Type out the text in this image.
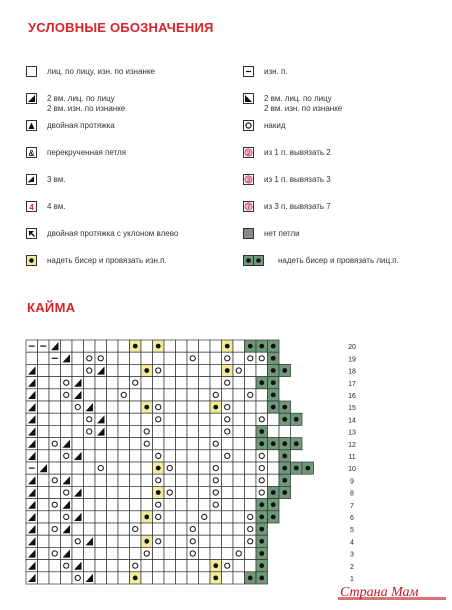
УСЛОВНЫЕ ОБОЗНАЧЕНИЯ
лиц. по лицу, изн. по изнанке
2 вм. лиц. по лицу
2 вм. изн. по изнанке
двойная протяжка
& перекрученная петля
3 вм.
4 4 вм.
двойная протяжка с уклоном влево
надеть бисер и провязать изн.п.
изн. п.
2 вм. лиц. по лицу
2 вм. изн. по изнанке
накид
2 из 1 п. вывязать 2
3 из 1 п. вывязать 3
7 из 3 п. вывязать 7
нет петли
надеть бисер и провязать лиц.п.
КАЙМА
20
19
18
17
16
15
14
13
12
11
10
9
8
7
6
5
4
3
2
1
Страна Мам
